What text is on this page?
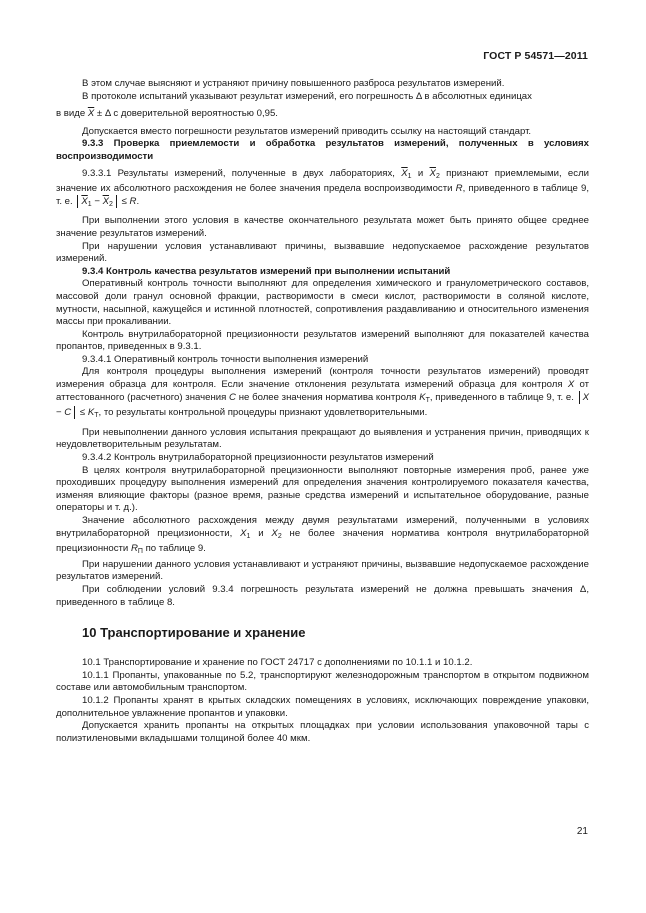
ГОСТ Р 54571—2011

В этом случае выясняют и устраняют причину повышенного разброса результатов измерений.

В протоколе испытаний указывают результат измерений, его погрешность Δ в абсолютных единицах

в виде $\overline{X} \pm \Delta$ с доверительной вероятностью 0,95.

Допускается вместо погрешности результатов измерений приводить ссылку на настоящий стандарт.

9.3.3 Проверка приемлемости и обработка результатов измерений, полученных в условиях воспроизводимости

9.3.3.1 Результаты измерений, полученные в двух лабораториях, $\overline{X}_1$ и $\overline{X}_2$ признают приемлемыми, если значение их абсолютного расхождения не более значения предела воспроизводимости R, приведенного в таблице 9, т. е. $\overline{X}_1 - \overline{X}_2 \le R$.

При выполнении этого условия в качестве окончательного результата может быть принято общее среднее значение результатов измерений.

При нарушении условия устанавливают причины, вызвавшие недопускаемое расхождение результатов измерений.

9.3.4 Контроль качества результатов измерений при выполнении испытаний

Оперативный контроль точности выполняют для определения химического и гранулометрического составов, массовой доли гранул основной фракции, растворимости в смеси кислот, растворимости в соляной кислоте, мутности, насыпной, кажущейся и истинной плотностей, сопротивления раздавливанию и относительного изменения массы при прокаливании.

Контроль внутрилабораторной прецизионности результатов измерений выполняют для показателей качества пропантов, приведенных в 9.3.1.

9.3.4.1 Оперативный контроль точности выполнения измерений

Для контроля процедуры выполнения измерений (контроля точности результатов измерений) проводят измерения образца для контроля. Если значение отклонения результата измерений образца для контроля X от аттестованного (расчетного) значения C не более значения норматива контроля $K_Т$, приведенного в таблице 9, т. е. $X - C \le K_Т$, то результаты контрольной процедуры признают удовлетворительными.

При невыполнении данного условия испытания прекращают до выявления и устранения причин, приводящих к неудовлетворительным результатам.

9.3.4.2 Контроль внутрилабораторной прецизионности результатов измерений

В целях контроля внутрилабораторной прецизионности выполняют повторные измерения проб, ранее уже проходивших процедуру выполнения измерений для определения значения контролируемого показателя качества, изменяя влияющие факторы (разное время, разные средства измерений и испытательное оборудование, разные операторы и т. д.).

Значение абсолютного расхождения между двумя результатами измерений, полученными в условиях внутрилабораторной прецизионности, $X_1$ и $X_2$ не более значения норматива контроля внутрилабораторной прецизионности $R_П$ по таблице 9.

При нарушении данного условия устанавливают и устраняют причины, вызвавшие недопускаемое расхождение результатов измерений.

При соблюдении условий 9.3.4 погрешность результата измерений не должна превышать значения Δ, приведенного в таблице 8.

10 Транспортирование и хранение

10.1 Транспортирование и хранение по ГОСТ 24717 с дополнениями по 10.1.1 и 10.1.2.

10.1.1 Пропанты, упакованные по 5.2, транспортируют железнодорожным транспортом в открытом подвижном составе или автомобильным транспортом.

10.1.2 Пропанты хранят в крытых складских помещениях в условиях, исключающих повреждение упаковки, дополнительное увлажнение пропантов и упаковки.

Допускается хранить пропанты на открытых площадках при условии использования упаковочной тары с полиэтиленовыми вкладышами толщиной более 40 мкм.

21
